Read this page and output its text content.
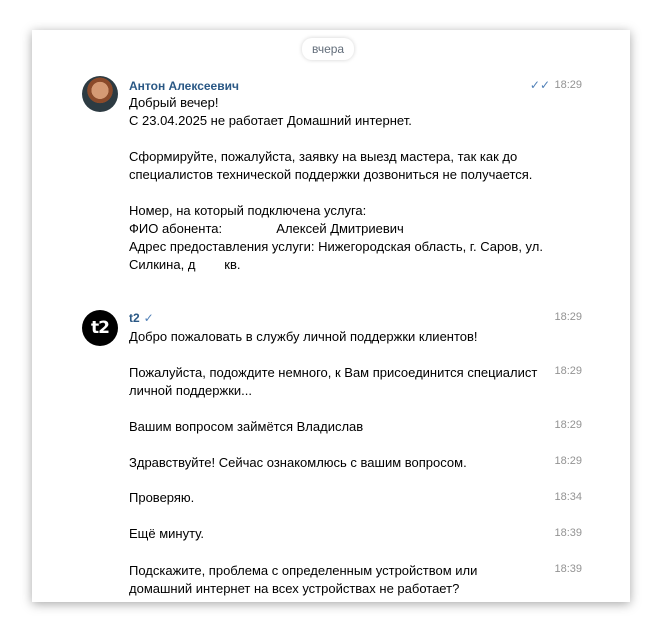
вчера
Антон Алексеевич	✓✓ 18:29
Добрый вечер!
С 23.04.2025 не работает Домашний интернет.

Сформируйте, пожалуйста, заявку на выезд мастера, так как до специалистов технической поддержки дозвониться не получается.

Номер, на который подключена услуга:
ФИО абонента:               Алексей Дмитриевич
Адрес предоставления услуги: Нижегородская область, г. Саров, ул. Силкина, д        кв.
t2	t2 ✓
Добро пожаловать в службу личной поддержки клиентов!
18:29
Пожалуйста, подождите немного, к Вам присоединится специалист личной поддержки...
18:29
Вашим вопросом займётся Владислав	18:29
Здравствуйте! Сейчас ознакомлюсь с вашим вопросом.	18:29
Проверяю.	18:34
Ещё минуту.	18:39
Подскажите, проблема с определенным устройством или домашний интернет на всех устройствах не работает?
18:39
